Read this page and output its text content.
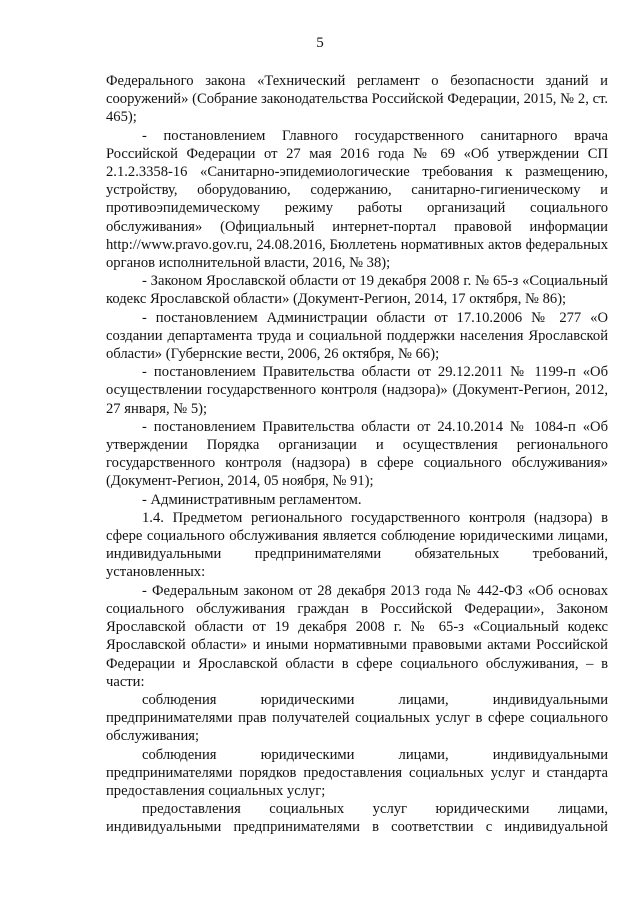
5

Федерального закона «Технический регламент о безопасности зданий и сооружений» (Собрание законодательства Российской Федерации, 2015, № 2, ст. 465);

- постановлением Главного государственного санитарного врача Российской Федерации от 27 мая 2016 года № 69 «Об утверждении СП 2.1.2.3358-16 «Санитарно-эпидемиологические требования к размещению, устройству, оборудованию, содержанию, санитарно-гигиеническому и противоэпидемическому режиму работы организаций социального обслуживания» (Официальный интернет-портал правовой информации http://www.pravo.gov.ru, 24.08.2016, Бюллетень нормативных актов федеральных органов исполнительной власти, 2016, № 38);

- Законом Ярославской области от 19 декабря 2008 г. № 65-з «Социальный кодекс Ярославской области» (Документ-Регион, 2014, 17 октября, № 86);

- постановлением Администрации области от 17.10.2006 № 277 «О создании департамента труда и социальной поддержки населения Ярославской области» (Губернские вести, 2006, 26 октября, № 66);

- постановлением Правительства области от 29.12.2011 № 1199-п «Об осуществлении государственного контроля (надзора)» (Документ-Регион, 2012, 27 января, № 5);

- постановлением Правительства области от 24.10.2014 № 1084-п «Об утверждении Порядка организации и осуществления регионального государственного контроля (надзора) в сфере социального обслуживания» (Документ-Регион, 2014, 05 ноября, № 91);

- Административным регламентом.

1.4. Предметом регионального государственного контроля (надзора) в сфере социального обслуживания является соблюдение юридическими лицами, индивидуальными предпринимателями обязательных требований, установленных:

- Федеральным законом от 28 декабря 2013 года № 442-ФЗ «Об основах социального обслуживания граждан в Российской Федерации», Законом Ярославской области от 19 декабря 2008 г. № 65-з «Социальный кодекс Ярославской области» и иными нормативными правовыми актами Российской Федерации и Ярославской области в сфере социального обслуживания, – в части:

соблюдения юридическими лицами, индивидуальными предпринимателями прав получателей социальных услуг в сфере социального обслуживания;

соблюдения юридическими лицами, индивидуальными предпринимателями порядков предоставления социальных услуг и стандарта предоставления социальных услуг;

предоставления социальных услуг юридическими лицами,
индивидуальными предпринимателями в соответствии с индивидуальной
